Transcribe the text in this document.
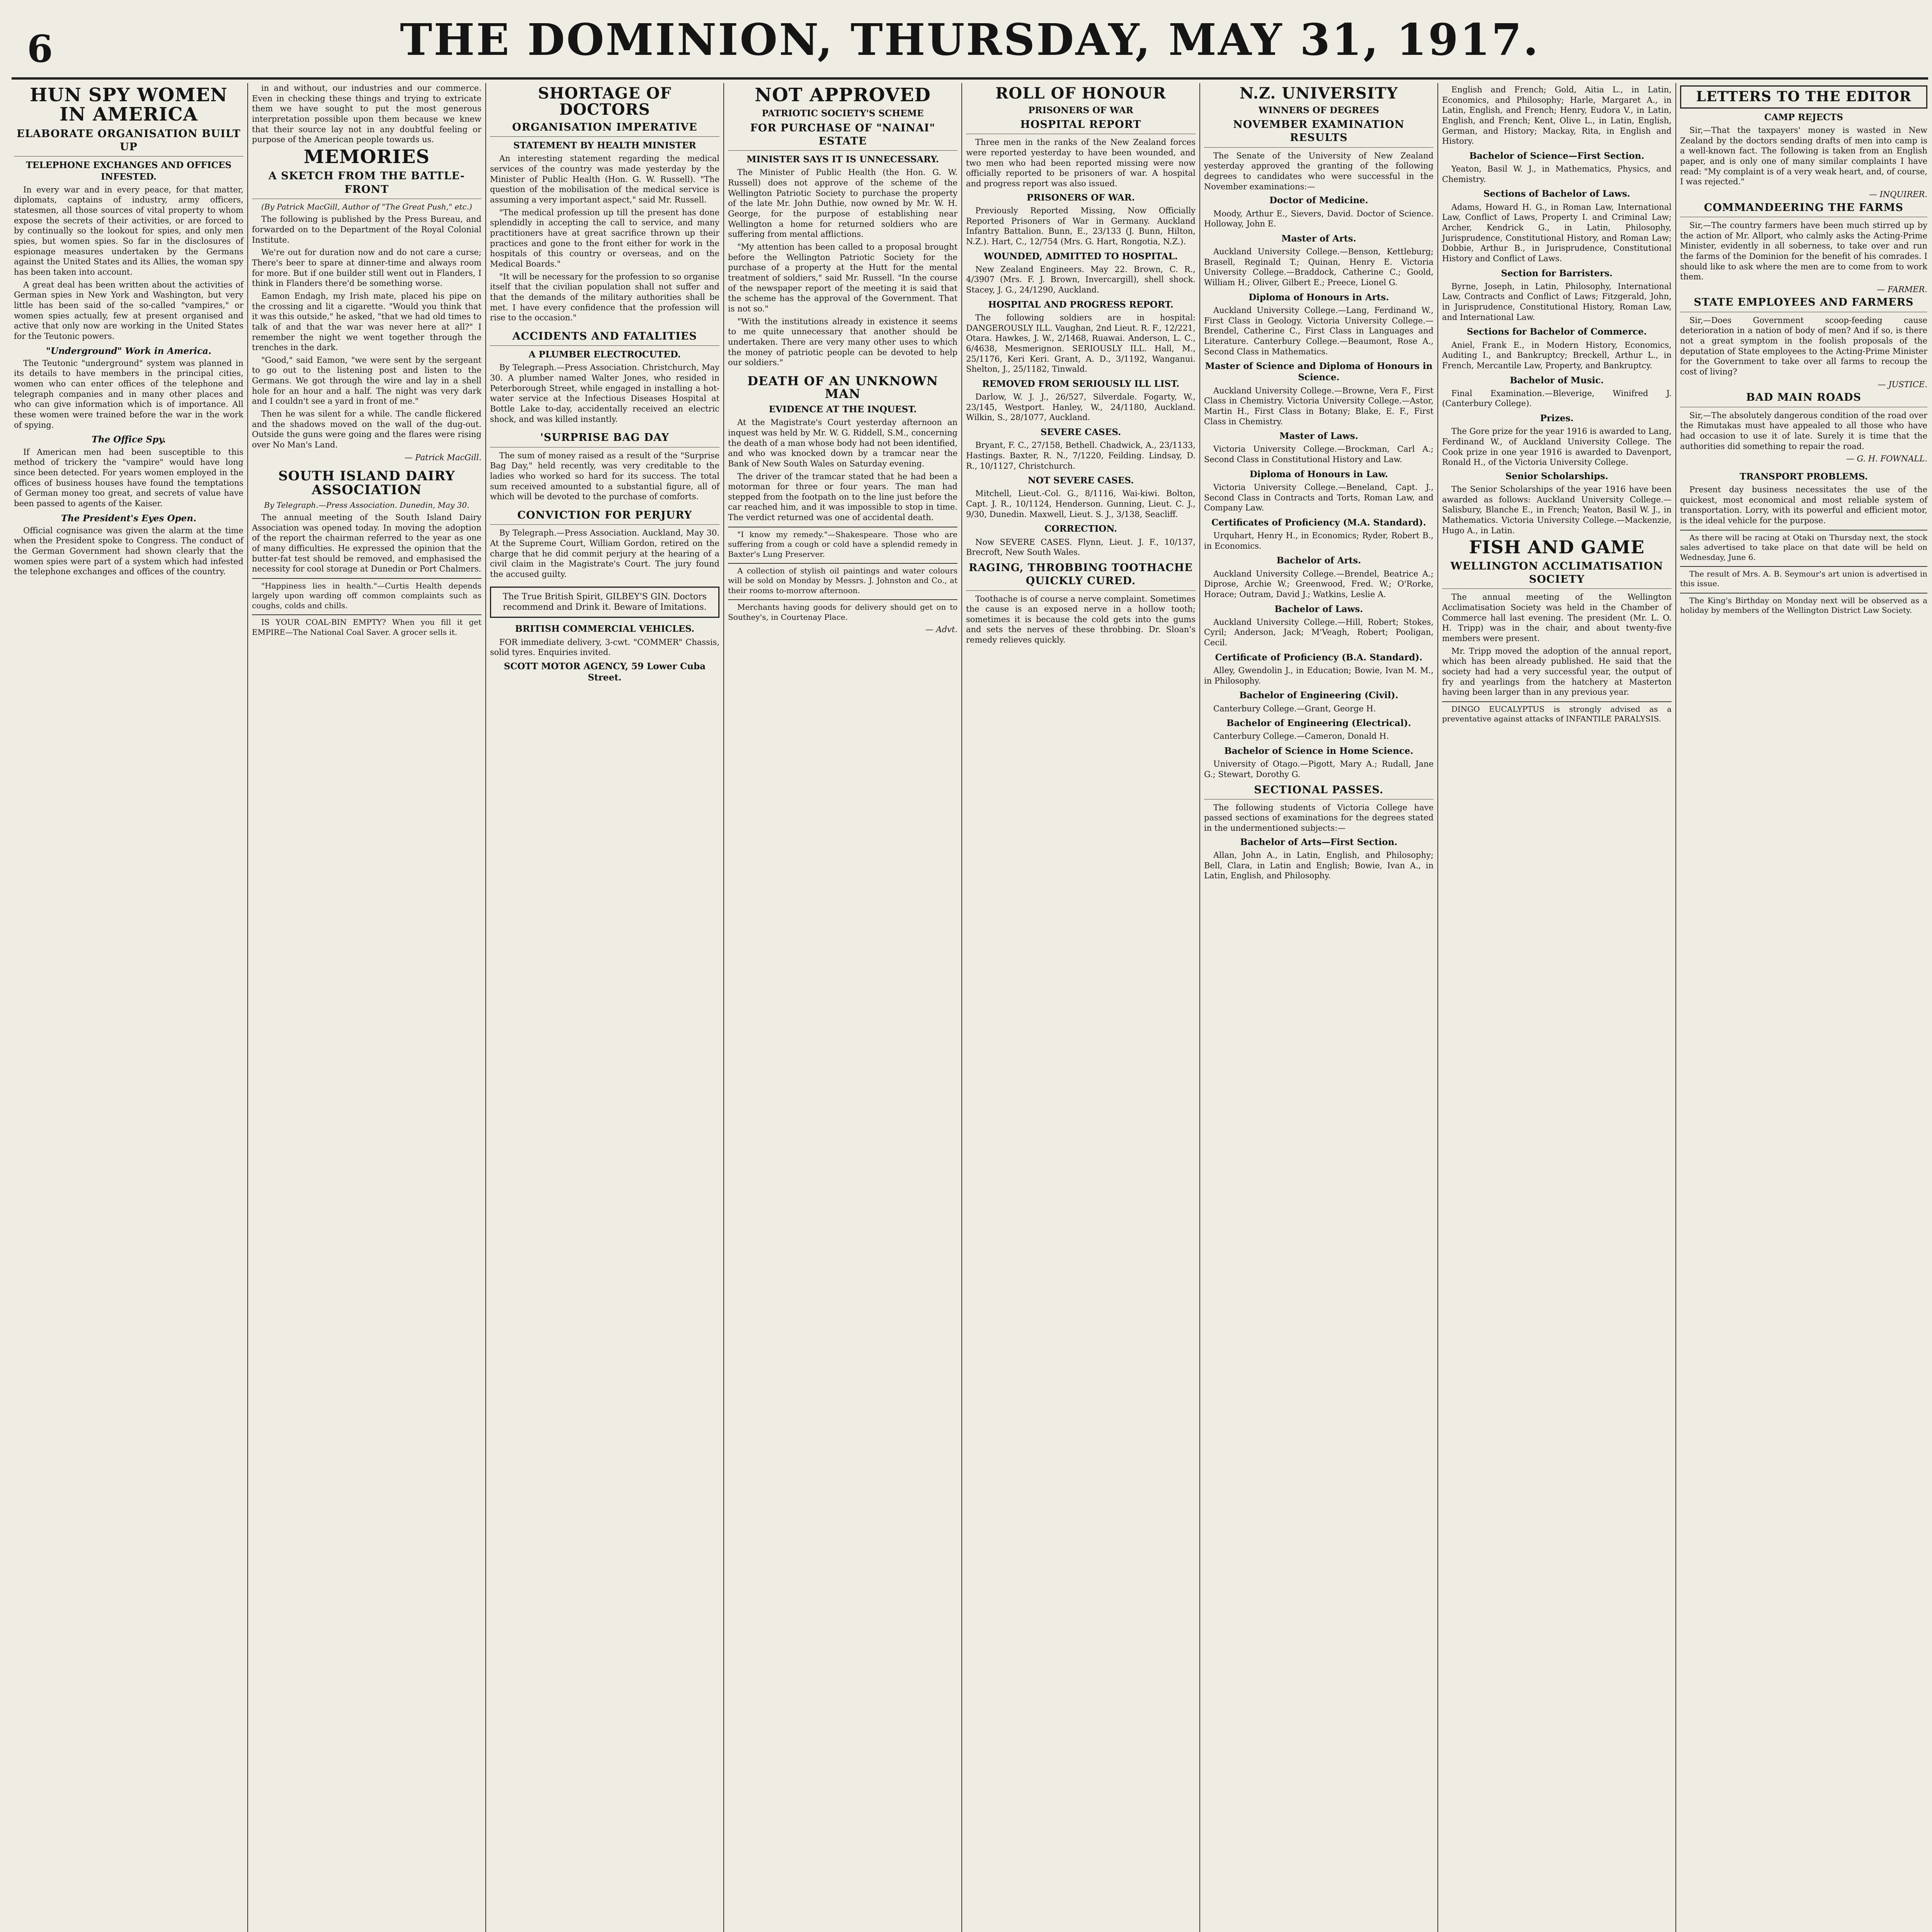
6	THE DOMINION, THURSDAY, MAY 31, 1917.
HUN SPY WOMEN IN AMERICA
ELABORATE ORGANISATION BUILT UP
TELEPHONE EXCHANGES AND OFFICES INFESTED.

In every war and in every peace, for that matter, diplomats, captains of industry, army officers, statesmen, all those sources of vital property to whom expose the secrets of their activities, or are forced to by continually so the lookout for spies, and only men spies, but women spies. So far in the disclosures of espionage measures undertaken by the Germans against the United States and its Allies, the woman spy has been taken into account.

A great deal has been written about the activities of German spies in New York and Washington, but very little has been said of the so-called "vampires," or women spies actually, few at present organised and active that only now are working in the United States for the Teutonic powers.

"Underground" Work in America.

The Teutonic "underground" system was planned in its details to have members in the principal cities, women who can enter offices of the telephone and telegraph companies and in many other places and who can give information which is of importance. All these women were trained before the war in the work of spying.

The Office Spy.

If American men had been susceptible to this method of trickery the "vampire" would have long since been detected. For years women employed in the offices of business houses have found the temptations of German money too great, and secrets of value have been passed to agents of the Kaiser.

The President's Eyes Open.

Official cognisance was given the alarm at the time when the President spoke to Congress. The conduct of the German Government had shown clearly that the women spies were part of a system which had infested the telephone exchanges and offices of the country.

in and without, our industries and our commerce. Even in checking these things and trying to extricate them we have sought to put the most generous interpretation possible upon them because we knew that their source lay not in any doubtful feeling or purpose of the American people towards us.

MEMORIES
A SKETCH FROM THE BATTLE-FRONT
(By Patrick MacGill, Author of "The Great Push," etc.)

The following is published by the Press Bureau, and forwarded on to the Department of the Royal Colonial Institute.

We're out for duration now and do not care a curse; There's beer to spare at dinner-time and always room for more. But if one builder still went out in Flanders, I think in Flanders there'd be something worse.

Eamon Endagh, my Irish mate, placed his pipe on the crossing and lit a cigarette. "Would you think that it was this outside," he asked, "that we had old times to talk of and that the war was never here at all?" I remember the night we went together through the trenches in the dark.

"Good," said Eamon, "we were sent by the sergeant to go out to the listening post and listen to the Germans. We got through the wire and lay in a shell hole for an hour and a half. The night was very dark and I couldn't see a yard in front of me."

Then he was silent for a while. The candle flickered and the shadows moved on the wall of the dug-out. Outside the guns were going and the flares were rising over No Man's Land.

— Patrick MacGill.
SOUTH ISLAND DAIRY ASSOCIATION
By Telegraph.—Press Association. Dunedin, May 30.

The annual meeting of the South Island Dairy Association was opened today. In moving the adoption of the report the chairman referred to the year as one of many difficulties. He expressed the opinion that the butter-fat test should be removed, and emphasised the necessity for cool storage at Dunedin or Port Chalmers.

"Happiness lies in health."—Curtis Health depends largely upon warding off common complaints such as coughs, colds and chills.

IS YOUR COAL-BIN EMPTY? When you fill it get EMPIRE—The National Coal Saver. A grocer sells it.

SHORTAGE OF DOCTORS
ORGANISATION IMPERATIVE
STATEMENT BY HEALTH MINISTER

An interesting statement regarding the medical services of the country was made yesterday by the Minister of Public Health (Hon. G. W. Russell). "The question of the mobilisation of the medical service is assuming a very important aspect," said Mr. Russell.

"The medical profession up till the present has done splendidly in accepting the call to service, and many practitioners have at great sacrifice thrown up their practices and gone to the front either for work in the hospitals of this country or overseas, and on the Medical Boards."

"It will be necessary for the profession to so organise itself that the civilian population shall not suffer and that the demands of the military authorities shall be met. I have every confidence that the profession will rise to the occasion."

ACCIDENTS AND FATALITIES
A PLUMBER ELECTROCUTED.

By Telegraph.—Press Association. Christchurch, May 30. A plumber named Walter Jones, who resided in Peterborough Street, while engaged in installing a hot-water service at the Infectious Diseases Hospital at Bottle Lake to-day, accidentally received an electric shock, and was killed instantly.

'SURPRISE BAG DAY

The sum of money raised as a result of the "Surprise Bag Day," held recently, was very creditable to the ladies who worked so hard for its success. The total sum received amounted to a substantial figure, all of which will be devoted to the purchase of comforts.

CONVICTION FOR PERJURY

By Telegraph.—Press Association. Auckland, May 30. At the Supreme Court, William Gordon, retired on the charge that he did commit perjury at the hearing of a civil claim in the Magistrate's Court. The jury found the accused guilty.

The True British Spirit, GILBEY'S GIN. Doctors recommend and Drink it. Beware of Imitations.
BRITISH COMMERCIAL VEHICLES.

FOR immediate delivery, 3-cwt. "COMMER" Chassis, solid tyres. Enquiries invited.

SCOTT MOTOR AGENCY, 59 Lower Cuba Street.
NOT APPROVED
PATRIOTIC SOCIETY'S SCHEME
FOR PURCHASE OF "NAINAI" ESTATE
MINISTER SAYS IT IS UNNECESSARY.

The Minister of Public Health (the Hon. G. W. Russell) does not approve of the scheme of the Wellington Patriotic Society to purchase the property of the late Mr. John Duthie, now owned by Mr. W. H. George, for the purpose of establishing near Wellington a home for returned soldiers who are suffering from mental afflictions.

"My attention has been called to a proposal brought before the Wellington Patriotic Society for the purchase of a property at the Hutt for the mental treatment of soldiers," said Mr. Russell. "In the course of the newspaper report of the meeting it is said that the scheme has the approval of the Government. That is not so."

"With the institutions already in existence it seems to me quite unnecessary that another should be undertaken. There are very many other uses to which the money of patriotic people can be devoted to help our soldiers."

DEATH OF AN UNKNOWN MAN
EVIDENCE AT THE INQUEST.

At the Magistrate's Court yesterday afternoon an inquest was held by Mr. W. G. Riddell, S.M., concerning the death of a man whose body had not been identified, and who was knocked down by a tramcar near the Bank of New South Wales on Saturday evening.

The driver of the tramcar stated that he had been a motorman for three or four years. The man had stepped from the footpath on to the line just before the car reached him, and it was impossible to stop in time. The verdict returned was one of accidental death.

"I know my remedy."—Shakespeare. Those who are suffering from a cough or cold have a splendid remedy in Baxter's Lung Preserver.

A collection of stylish oil paintings and water colours will be sold on Monday by Messrs. J. Johnston and Co., at their rooms to-morrow afternoon.

Merchants having goods for delivery should get on to Southey's, in Courtenay Place.

— Advt.
ROLL OF HONOUR
PRISONERS OF WAR
HOSPITAL REPORT

Three men in the ranks of the New Zealand forces were reported yesterday to have been wounded, and two men who had been reported missing were now officially reported to be prisoners of war. A hospital and progress report was also issued.

PRISONERS OF WAR.

Previously Reported Missing, Now Officially Reported Prisoners of War in Germany. Auckland Infantry Battalion. Bunn, E., 23/133 (J. Bunn, Hilton, N.Z.). Hart, C., 12/754 (Mrs. G. Hart, Rongotia, N.Z.).

WOUNDED, ADMITTED TO HOSPITAL.

New Zealand Engineers. May 22. Brown, C. R., 4/3907 (Mrs. F. J. Brown, Invercargill), shell shock. Stacey, J. G., 24/1290, Auckland.

HOSPITAL AND PROGRESS REPORT.

The following soldiers are in hospital: DANGEROUSLY ILL. Vaughan, 2nd Lieut. R. F., 12/221, Otara. Hawkes, J. W., 2/1468, Ruawai. Anderson, L. C., 6/4638, Mesmerignon. SERIOUSLY ILL. Hall, M., 25/1176, Keri Keri. Grant, A. D., 3/1192, Wanganui. Shelton, J., 25/1182, Tinwald.

REMOVED FROM SERIOUSLY ILL LIST.

Darlow, W. J. J., 26/527, Silverdale. Fogarty, W., 23/145, Westport. Hanley, W., 24/1180, Auckland. Wilkin, S., 28/1077, Auckland.

SEVERE CASES.

Bryant, F. C., 27/158, Bethell. Chadwick, A., 23/1133, Hastings. Baxter, R. N., 7/1220, Feilding. Lindsay, D. R., 10/1127, Christchurch.

NOT SEVERE CASES.

Mitchell, Lieut.-Col. G., 8/1116, Wai-kiwi. Bolton, Capt. J. R., 10/1124, Henderson. Gunning, Lieut. C. J., 9/30, Dunedin. Maxwell, Lieut. S. J., 3/138, Seacliff.

CORRECTION.

Now SEVERE CASES. Flynn, Lieut. J. F., 10/137, Brecroft, New South Wales.

RAGING, THROBBING TOOTHACHE QUICKLY CURED.

Toothache is of course a nerve complaint. Sometimes the cause is an exposed nerve in a hollow tooth; sometimes it is because the cold gets into the gums and sets the nerves of these throbbing. Dr. Sloan's remedy relieves quickly.

N.Z. UNIVERSITY
WINNERS OF DEGREES
NOVEMBER EXAMINATION RESULTS

The Senate of the University of New Zealand yesterday approved the granting of the following degrees to candidates who were successful in the November examinations:—

Doctor of Medicine.

Moody, Arthur E., Sievers, David. Doctor of Science. Holloway, John E.

Master of Arts.

Auckland University College.—Benson, Kettleburg; Brasell, Reginald T.; Quinan, Henry E. Victoria University College.—Braddock, Catherine C.; Goold, William H.; Oliver, Gilbert E.; Preece, Lionel G.

Diploma of Honours in Arts.

Auckland University College.—Lang, Ferdinand W., First Class in Geology. Victoria University College.—Brendel, Catherine C., First Class in Languages and Literature. Canterbury College.—Beaumont, Rose A., Second Class in Mathematics.

Master of Science and Diploma of Honours in Science.

Auckland University College.—Browne, Vera F., First Class in Chemistry. Victoria University College.—Astor, Martin H., First Class in Botany; Blake, E. F., First Class in Chemistry.

Master of Laws.

Victoria University College.—Brockman, Carl A.; Second Class in Constitutional History and Law.

Diploma of Honours in Law.

Victoria University College.—Beneland, Capt. J., Second Class in Contracts and Torts, Roman Law, and Company Law.

Certificates of Proficiency (M.A. Standard).

Urquhart, Henry H., in Economics; Ryder, Robert B., in Economics.

Bachelor of Arts.

Auckland University College.—Brendel, Beatrice A.; Diprose, Archie W.; Greenwood, Fred. W.; O'Rorke, Horace; Outram, David J.; Watkins, Leslie A.

Bachelor of Laws.

Auckland University College.—Hill, Robert; Stokes, Cyril; Anderson, Jack; M'Veagh, Robert; Pooligan, Cecil.

Certificate of Proficiency (B.A. Standard).

Alley, Gwendolin J., in Education; Bowie, Ivan M. M., in Philosophy.

Bachelor of Engineering (Civil).

Canterbury College.—Grant, George H.

Bachelor of Engineering (Electrical).

Canterbury College.—Cameron, Donald H.

Bachelor of Science in Home Science.

University of Otago.—Pigott, Mary A.; Rudall, Jane G.; Stewart, Dorothy G.

SECTIONAL PASSES.

The following students of Victoria College have passed sections of examinations for the degrees stated in the undermentioned subjects:—

Bachelor of Arts—First Section.

Allan, John A., in Latin, English, and Philosophy; Bell, Clara, in Latin and English; Bowie, Ivan A., in Latin, English, and Philosophy.

English and French; Gold, Aitia L., in Latin, Economics, and Philosophy; Harle, Margaret A., in Latin, English, and French; Henry, Eudora V., in Latin, English, and French; Kent, Olive L., in Latin, English, German, and History; Mackay, Rita, in English and History.

Bachelor of Science—First Section.

Yeaton, Basil W. J., in Mathematics, Physics, and Chemistry.

Sections of Bachelor of Laws.

Adams, Howard H. G., in Roman Law, International Law, Conflict of Laws, Property I. and Criminal Law; Archer, Kendrick G., in Latin, Philosophy, Jurisprudence, Constitutional History, and Roman Law; Dobbie, Arthur B., in Jurisprudence, Constitutional History and Conflict of Laws.

Section for Barristers.

Byrne, Joseph, in Latin, Philosophy, International Law, Contracts and Conflict of Laws; Fitzgerald, John, in Jurisprudence, Constitutional History, Roman Law, and International Law.

Sections for Bachelor of Commerce.

Aniel, Frank E., in Modern History, Economics, Auditing I., and Bankruptcy; Breckell, Arthur L., in French, Mercantile Law, Property, and Bankruptcy.

Bachelor of Music.

Final Examination.—Bleverige, Winifred J. (Canterbury College).

Prizes.

The Gore prize for the year 1916 is awarded to Lang, Ferdinand W., of Auckland University College. The Cook prize in one year 1916 is awarded to Davenport, Ronald H., of the Victoria University College.

Senior Scholarships.

The Senior Scholarships of the year 1916 have been awarded as follows: Auckland University College.—Salisbury, Blanche E., in French; Yeaton, Basil W. J., in Mathematics. Victoria University College.—Mackenzie, Hugo A., in Latin.

FISH AND GAME
WELLINGTON ACCLIMATISATION SOCIETY

The annual meeting of the Wellington Acclimatisation Society was held in the Chamber of Commerce hall last evening. The president (Mr. L. O. H. Tripp) was in the chair, and about twenty-five members were present.

Mr. Tripp moved the adoption of the annual report, which has been already published. He said that the society had had a very successful year, the output of fry and yearlings from the hatchery at Masterton having been larger than in any previous year.

DINGO EUCALYPTUS is strongly advised as a preventative against attacks of INFANTILE PARALYSIS.

LETTERS TO THE EDITOR
CAMP REJECTS

Sir,—That the taxpayers' money is wasted in New Zealand by the doctors sending drafts of men into camp is a well-known fact. The following is taken from an English paper, and is only one of many similar complaints I have read: "My complaint is of a very weak heart, and, of course, I was rejected."

— INQUIRER.
COMMANDEERING THE FARMS

Sir,—The country farmers have been much stirred up by the action of Mr. Allport, who calmly asks the Acting-Prime Minister, evidently in all soberness, to take over and run the farms of the Dominion for the benefit of his comrades. I should like to ask where the men are to come from to work them.

— FARMER.
STATE EMPLOYEES AND FARMERS

Sir,—Does Government scoop-feeding cause deterioration in a nation of body of men? And if so, is there not a great symptom in the foolish proposals of the deputation of State employees to the Acting-Prime Minister for the Government to take over all farms to recoup the cost of living?

— JUSTICE.
BAD MAIN ROADS

Sir,—The absolutely dangerous condition of the road over the Rimutakas must have appealed to all those who have had occasion to use it of late. Surely it is time that the authorities did something to repair the road.

— G. H. FOWNALL.
TRANSPORT PROBLEMS.

Present day business necessitates the use of the quickest, most economical and most reliable system of transportation. Lorry, with its powerful and efficient motor, is the ideal vehicle for the purpose.

As there will be racing at Otaki on Thursday next, the stock sales advertised to take place on that date will be held on Wednesday, June 6.

The result of Mrs. A. B. Seymour's art union is advertised in this issue.

The King's Birthday on Monday next will be observed as a holiday by members of the Wellington District Law Society.
